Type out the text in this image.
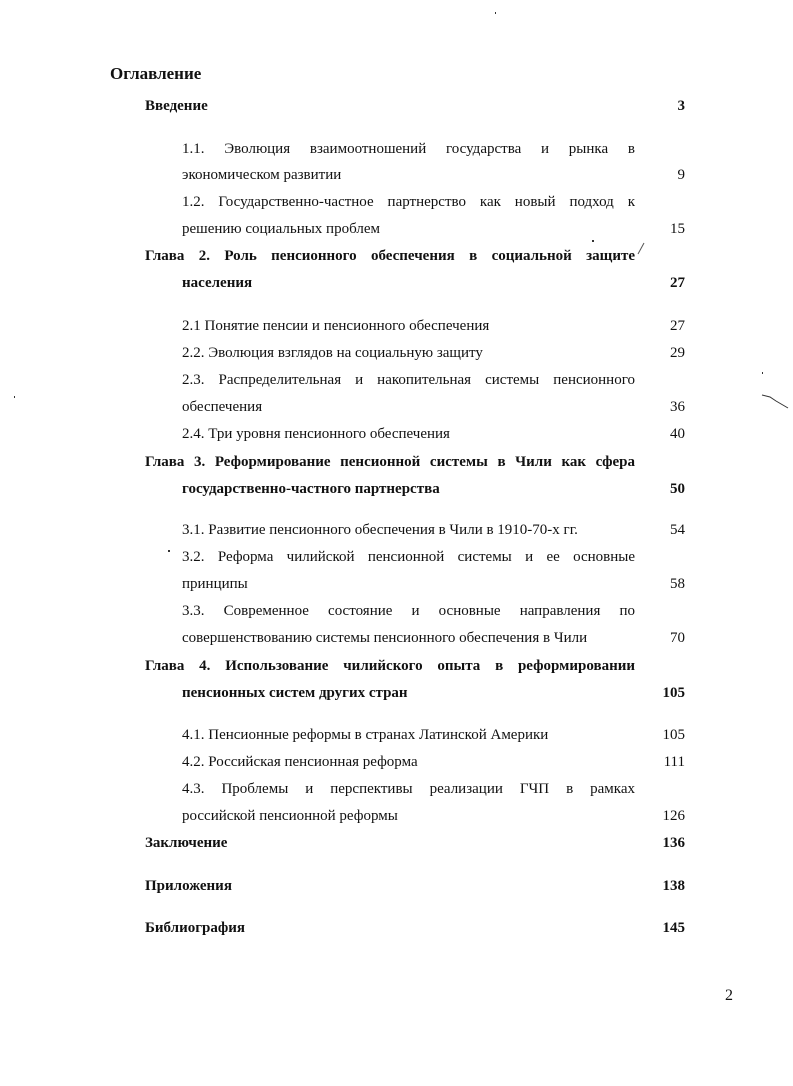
Оглавление
Введение	3
1.1. Эволюция взаимоотношений государства и рынка в
экономическом развитии	9
1.2. Государственно-частное партнерство как новый подход к
решению социальных проблем	15
Глава 2. Роль пенсионного обеспечения в социальной защите
населения	27
2.1 Понятие пенсии и пенсионного обеспечения	27
2.2. Эволюция взглядов на социальную защиту	29
2.3. Распределительная и накопительная системы пенсионного
обеспечения	36
2.4. Три уровня пенсионного обеспечения	40
Глава 3. Реформирование пенсионной системы в Чили как сфера
государственно-частного партнерства	50
3.1. Развитие пенсионного обеспечения в Чили в 1910-70-х гг.	54
3.2. Реформа чилийской пенсионной системы и ее основные
принципы	58
3.3. Современное состояние и основные направления по
совершенствованию системы пенсионного обеспечения в Чили	70
Глава 4. Использование чилийского опыта в реформировании
пенсионных систем других стран	105
4.1. Пенсионные реформы в странах Латинской Америки	105
4.2. Российская пенсионная реформа	111
4.3. Проблемы и перспективы реализации ГЧП в рамках
российской пенсионной реформы	126
Заключение	136
Приложения	138
Библиография	145
2
